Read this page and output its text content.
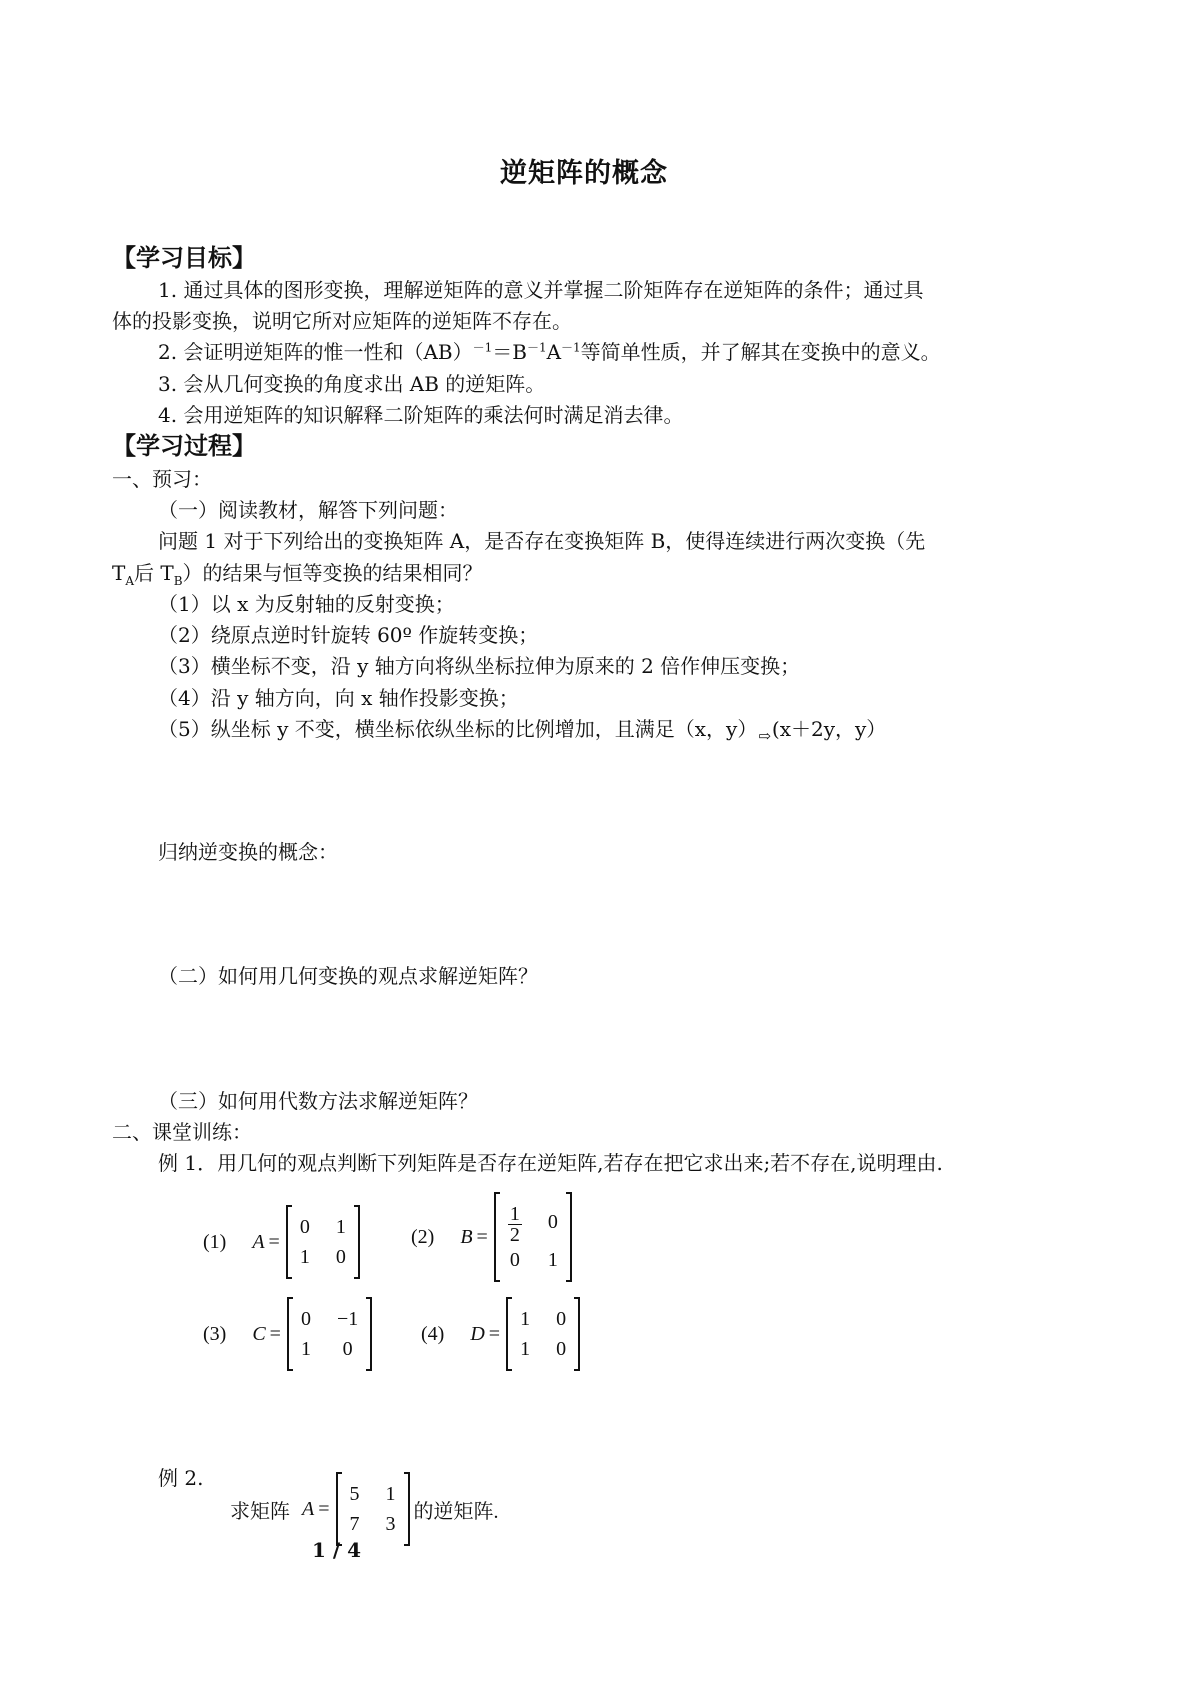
逆矩阵的概念
【学习目标】
1. 通过具体的图形变换，理解逆矩阵的意义并掌握二阶矩阵存在逆矩阵的条件；通过具
体的投影变换，说明它所对应矩阵的逆矩阵不存在。
2. 会证明逆矩阵的惟一性和$(AB)^{-1}=B^{-1}A^{-1}$等简单性质，并了解其在变换中的意义。
3. 会从几何变换的角度求出 AB 的逆矩阵。
4. 会用逆矩阵的知识解释二阶矩阵的乘法何时满足消去律。
【学习过程】
一、预习：
（一）阅读教材，解答下列问题：
问题 1 对于下列给出的变换矩阵 A，是否存在变换矩阵 B，使得连续进行两次变换（先
$T_A$后 $T_B$）的结果与恒等变换的结果相同？
（1）以 x 为反射轴的反射变换；
（2）绕原点逆时针旋转 60º 作旋转变换；
（3）横坐标不变，沿 y 轴方向将纵坐标拉伸为原来的 2 倍作伸压变换；
（4）沿 y 轴方向，向 x 轴作投影变换；
（5）纵坐标 y 不变，横坐标依纵坐标的比例增加，且满足（x，y）⇨(x＋2y，y）
归纳逆变换的概念：
（二）如何用几何变换的观点求解逆矩阵？
（三）如何用代数方法求解逆矩阵？
二、课堂训练：
例 1．用几何的观点判断下列矩阵是否存在逆矩阵,若存在把它求出来;若不存在,说明理由.
(1) A =
0 1
1 0
(2) $B = \frac{1}{2} 0$
0 1
(3) C =
0 −1
1 0
(4) D =
1 0
1 0
例 2.
求矩阵 A =
5 1
7 3
的逆矩阵.
1 / 4
